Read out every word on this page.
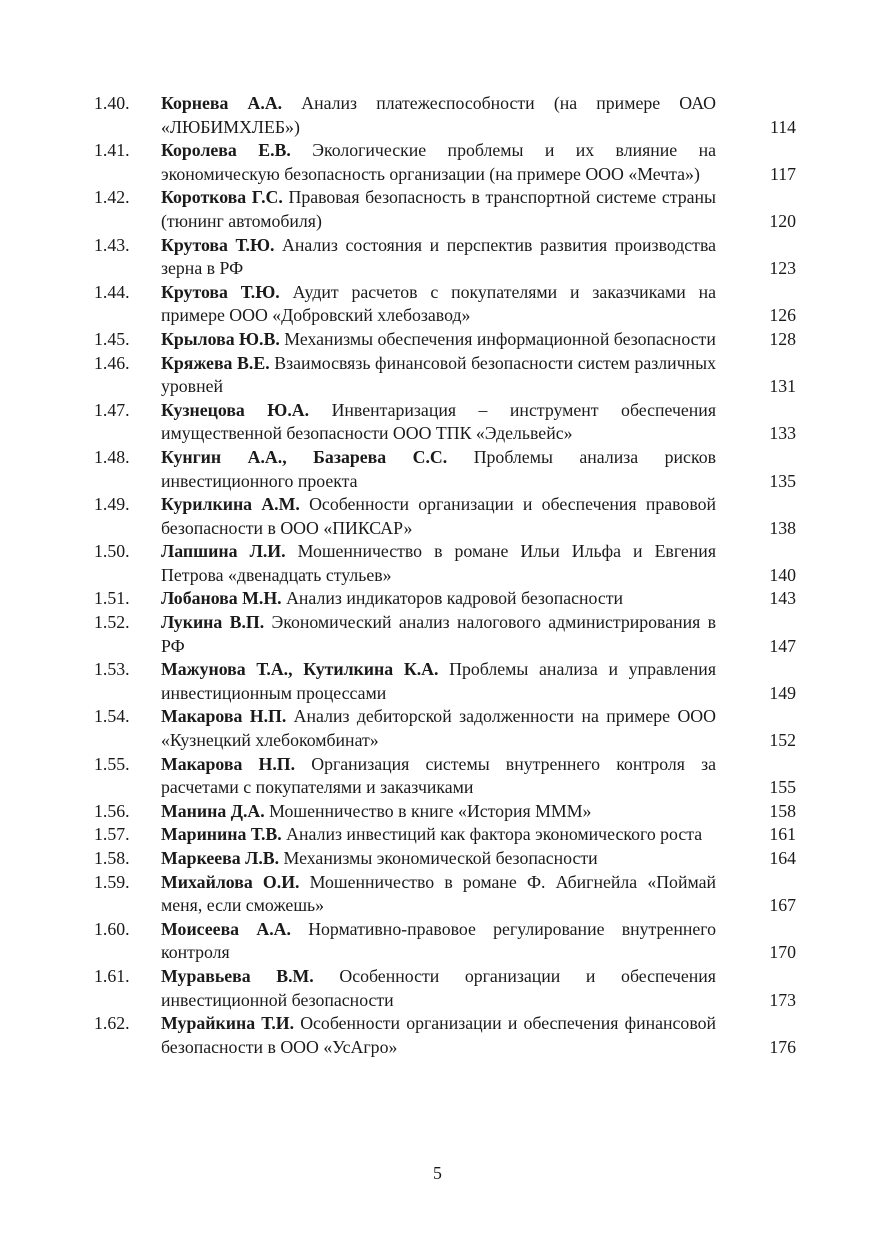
1.40. Корнева А.А. Анализ платежеспособности (на примере ОАО «ЛЮБИМХЛЕБ»)	114
1.41. Королева Е.В. Экологические проблемы и их влияние на экономическую безопасность организации (на примере ООО «Мечта»)	117
1.42. Короткова Г.С. Правовая безопасность в транспортной системе страны (тюнинг автомобиля)	120
1.43. Крутова Т.Ю. Анализ состояния и перспектив развития производства зерна в РФ	123
1.44. Крутова Т.Ю. Аудит расчетов с покупателями и заказчиками на примере ООО «Добровский хлебозавод»	126
1.45. Крылова Ю.В. Механизмы обеспечения информационной безопасности	128
1.46. Кряжева В.Е. Взаимосвязь финансовой безопасности систем различных уровней	131
1.47. Кузнецова Ю.А. Инвентаризация – инструмент обеспечения имущественной безопасности ООО ТПК «Эдельвейс»	133
1.48. Кунгин А.А., Базарева С.С. Проблемы анализа рисков инвестиционного проекта	135
1.49. Курилкина А.М. Особенности организации и обеспечения правовой безопасности в ООО «ПИКСАР»	138
1.50. Лапшина Л.И. Мошенничество в романе Ильи Ильфа и Евгения Петрова «двенадцать стульев»	140
1.51. Лобанова М.Н. Анализ индикаторов кадровой безопасности	143
1.52. Лукина В.П. Экономический анализ налогового администрирования в РФ	147
1.53. Мажунова Т.А., Кутилкина К.А. Проблемы анализа и управления инвестиционным процессами	149
1.54. Макарова Н.П. Анализ дебиторской задолженности на примере ООО «Кузнецкий хлебокомбинат»	152
1.55. Макарова Н.П. Организация системы внутреннего контроля за расчетами с покупателями и заказчиками	155
1.56. Манина Д.А. Мошенничество в книге «История МММ»	158
1.57. Маринина Т.В. Анализ инвестиций как фактора экономического роста	161
1.58. Маркеева Л.В. Механизмы экономической безопасности	164
1.59. Михайлова О.И. Мошенничество в романе Ф. Абигнейла «Поймай меня, если сможешь»	167
1.60. Моисеева А.А. Нормативно-правовое регулирование внутреннего контроля	170
1.61. Муравьева В.М. Особенности организации и обеспечения инвестиционной безопасности	173
1.62. Мурайкина Т.И. Особенности организации и обеспечения финансовой безопасности в ООО «УсАгро»	176
5
